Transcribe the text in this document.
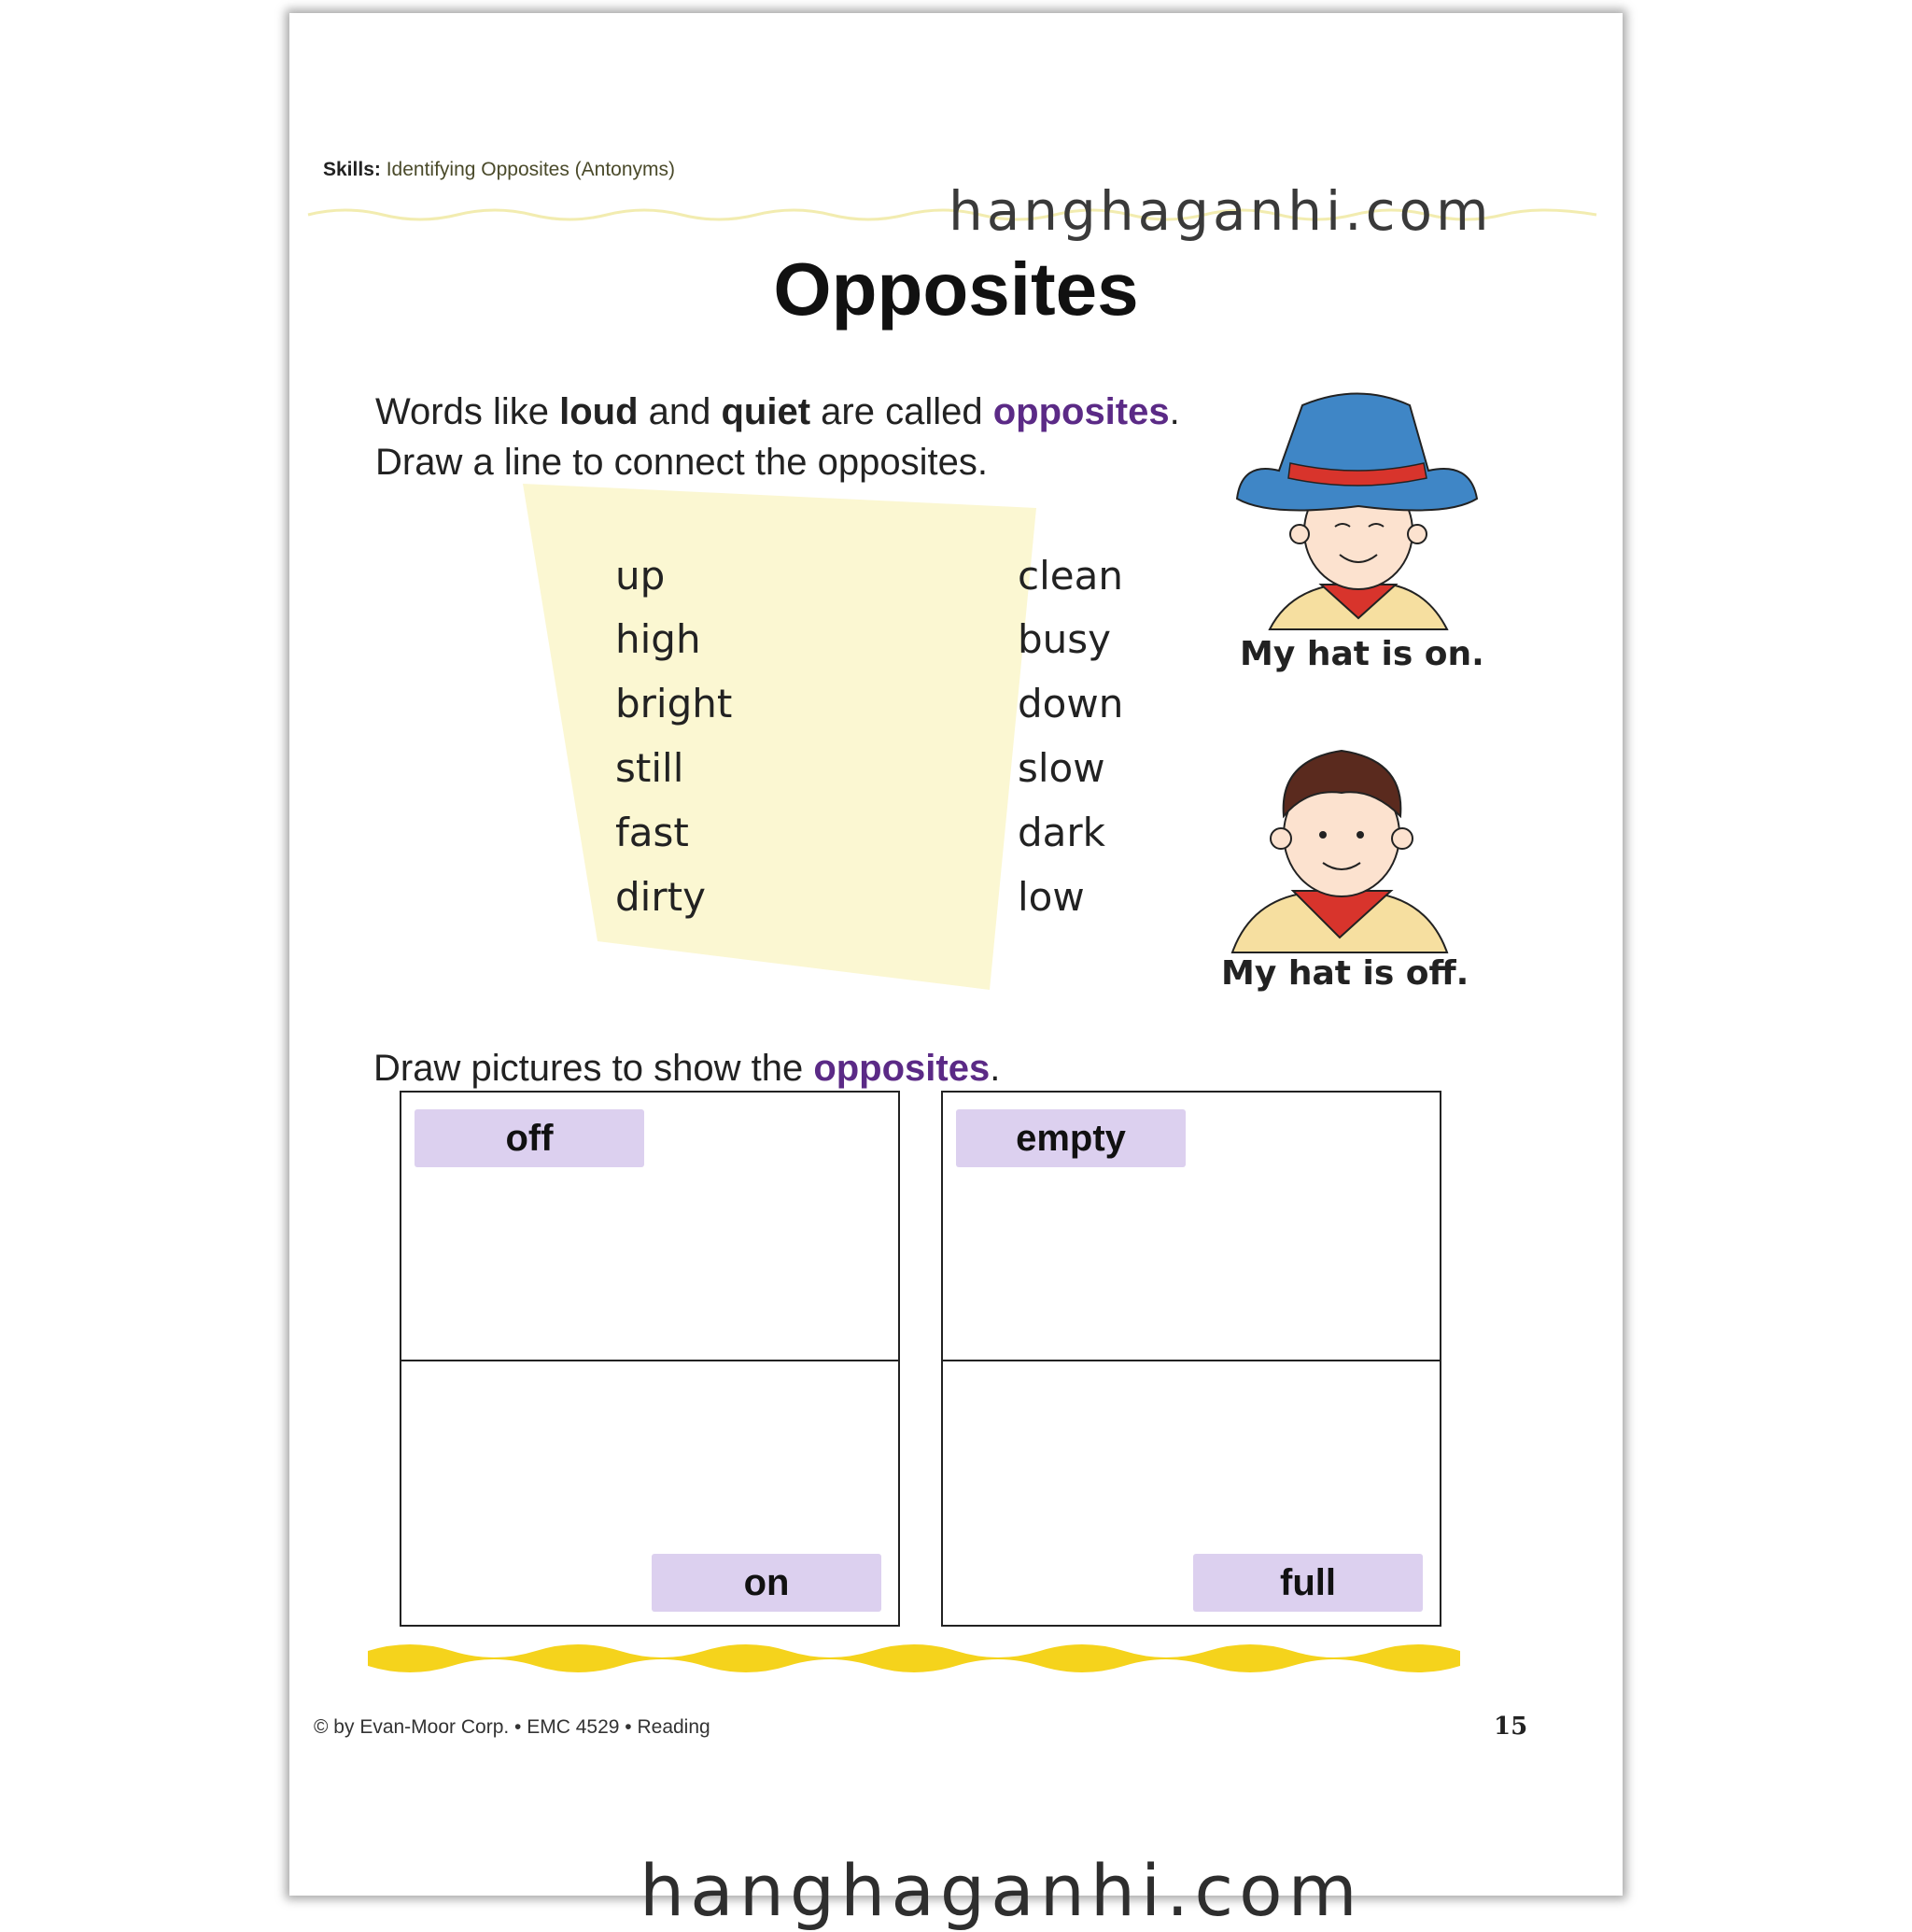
Skills: Identifying Opposites (Antonyms)
hanghaganhi.com
Opposites
Words like loud and quiet are called opposites.
Draw a line to connect the opposites.
up
high
bright
still
fast
dirty
clean
busy
down
slow
dark
low
My hat is on.
My hat is off.
Draw pictures to show the opposites.
off
on
empty
full
© by Evan-Moor Corp. • EMC 4529 • Reading	15
hanghaganhi.com
